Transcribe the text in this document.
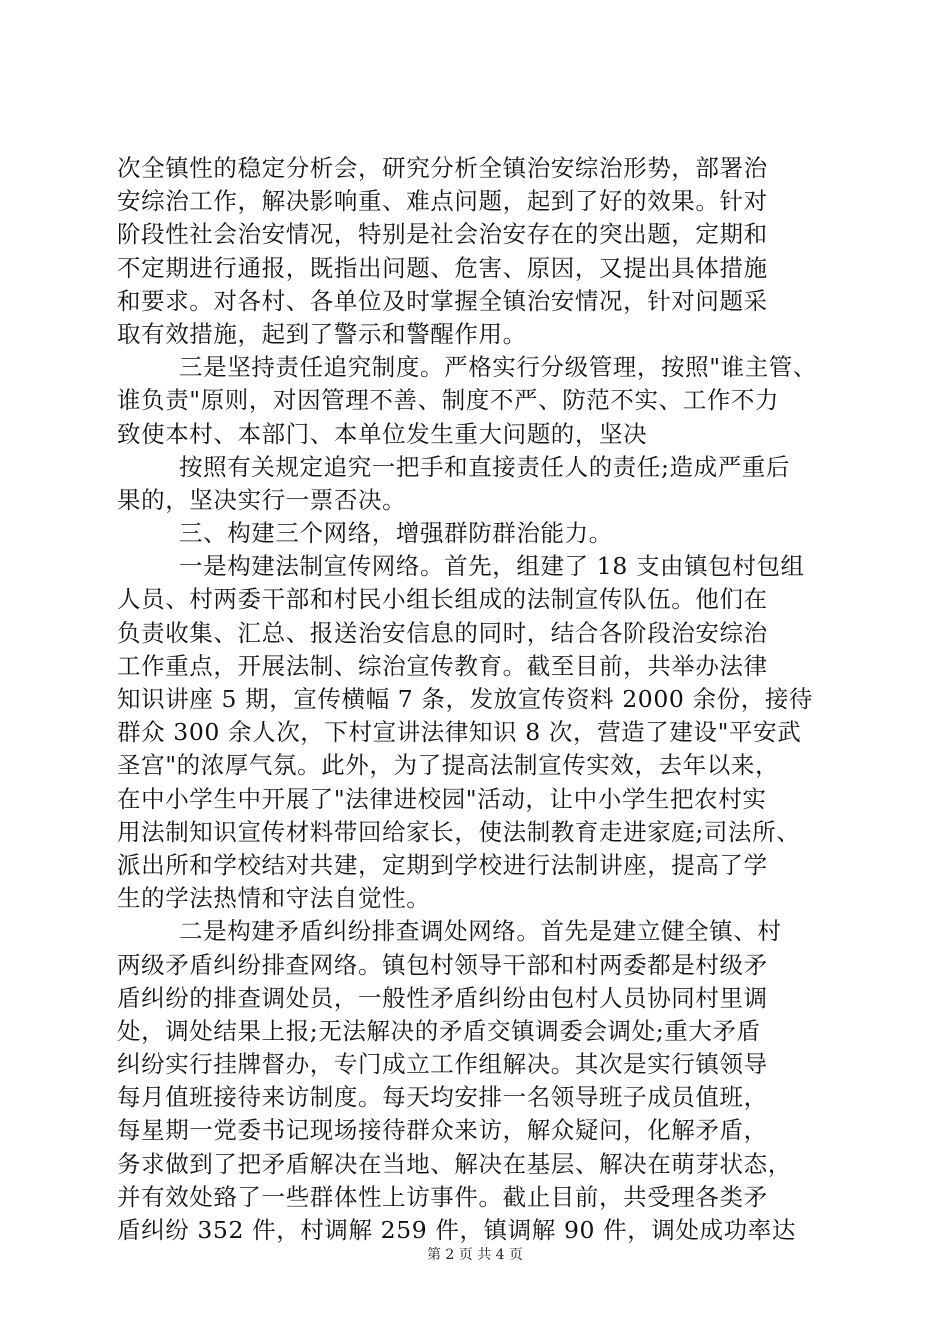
次全镇性的稳定分析会，研究分析全镇治安综治形势，部署治
安综治工作，解决影响重、难点问题，起到了好的效果。针对
阶段性社会治安情况，特别是社会治安存在的突出题，定期和
不定期进行通报，既指出问题、危害、原因，又提出具体措施
和要求。对各村、各单位及时掌握全镇治安情况，针对问题采
取有效措施，起到了警示和警醒作用。
三是坚持责任追究制度。严格实行分级管理，按照"谁主管、
谁负责"原则，对因管理不善、制度不严、防范不实、工作不力
致使本村、本部门、本单位发生重大问题的，坚决
按照有关规定追究一把手和直接责任人的责任;造成严重后
果的，坚决实行一票否决。
三、构建三个网络，增强群防群治能力。
一是构建法制宣传网络。首先，组建了 18 支由镇包村包组
人员、村两委干部和村民小组长组成的法制宣传队伍。他们在
负责收集、汇总、报送治安信息的同时，结合各阶段治安综治
工作重点，开展法制、综治宣传教育。截至目前，共举办法律
知识讲座 5 期，宣传横幅 7 条，发放宣传资料 2000 余份，接待
群众 300 余人次，下村宣讲法律知识 8 次，营造了建设"平安武
圣宫"的浓厚气氛。此外，为了提高法制宣传实效，去年以来，
在中小学生中开展了"法律进校园"活动，让中小学生把农村实
用法制知识宣传材料带回给家长，使法制教育走进家庭;司法所、
派出所和学校结对共建，定期到学校进行法制讲座，提高了学
生的学法热情和守法自觉性。
二是构建矛盾纠纷排查调处网络。首先是建立健全镇、村
两级矛盾纠纷排查网络。镇包村领导干部和村两委都是村级矛
盾纠纷的排查调处员，一般性矛盾纠纷由包村人员协同村里调
处，调处结果上报;无法解决的矛盾交镇调委会调处;重大矛盾
纠纷实行挂牌督办，专门成立工作组解决。其次是实行镇领导
每月值班接待来访制度。每天均安排一名领导班子成员值班，
每星期一党委书记现场接待群众来访，解众疑问，化解矛盾，
务求做到了把矛盾解决在当地、解决在基层、解决在萌芽状态，
并有效处臵了一些群体性上访事件。截止目前，共受理各类矛
盾纠纷 352 件，村调解 259 件，镇调解 90 件，调处成功率达
第 2 页 共 4 页
